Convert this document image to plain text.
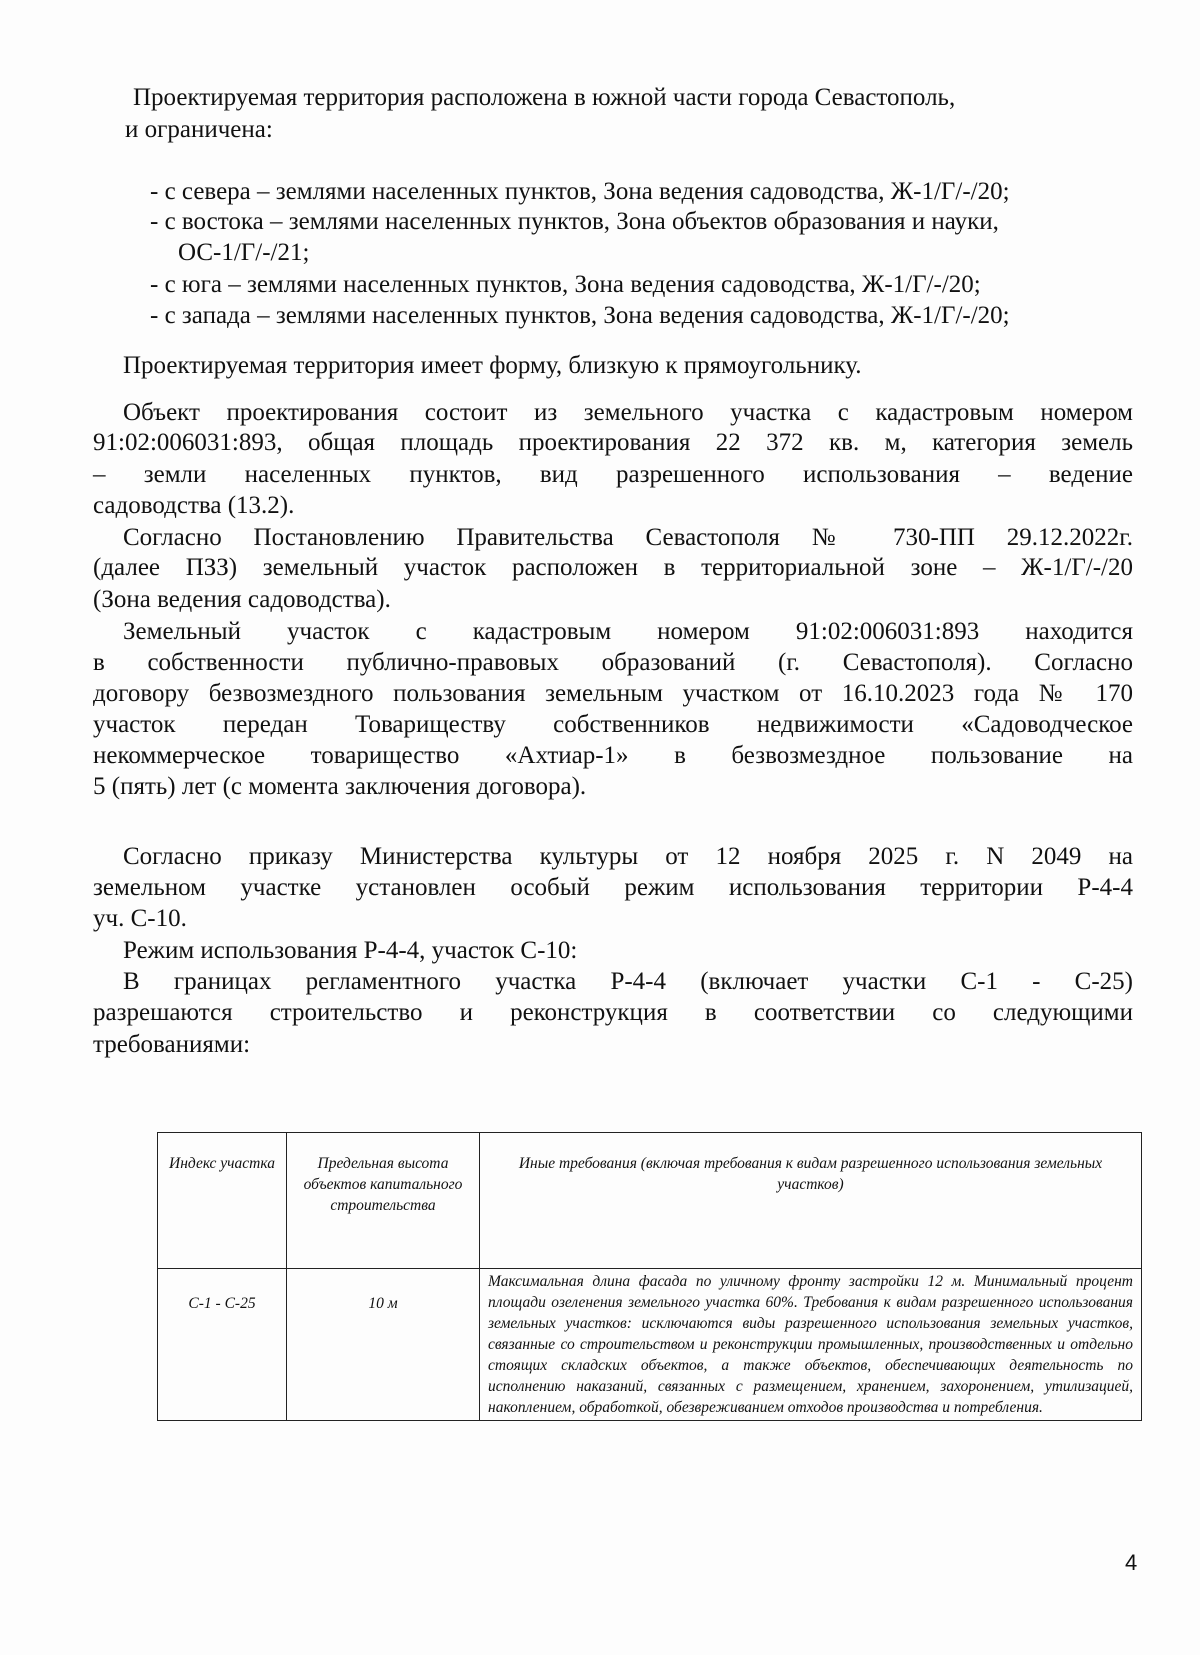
Проектируемая территория расположена в южной части города Севастополь,
и ограничена:
- с севера – землями населенных пунктов, Зона ведения садоводства, Ж-1/Г/-/20;
- с востока – землями населенных пунктов, Зона объектов образования и науки,
ОС-1/Г/-/21;
- с юга – землями населенных пунктов, Зона ведения садоводства, Ж-1/Г/-/20;
- с запада – землями населенных пунктов, Зона ведения садоводства, Ж-1/Г/-/20;
Проектируемая территория имеет форму, близкую к прямоугольнику.
Объект проектирования состоит из земельного участка с кадастровым номером
91:02:006031:893, общая площадь проектирования 22 372 кв. м, категория земель
– земли населенных пунктов, вид разрешенного использования – ведение
садоводства (13.2).
Согласно Постановлению Правительства Севастополя № 730-ПП 29.12.2022г.
(далее ПЗЗ) земельный участок расположен в территориальной зоне – Ж-1/Г/-/20
(Зона ведения садоводства).
Земельный участок с кадастровым номером 91:02:006031:893 находится
в собственности публично-правовых образований (г. Севастополя). Согласно
договору безвозмездного пользования земельным участком от 16.10.2023 года № 170
участок передан Товариществу собственников недвижимости «Садоводческое
некоммерческое товарищество «Ахтиар-1» в безвозмездное пользование на
5 (пять) лет (с момента заключения договора).
Согласно приказу Министерства культуры от 12 ноября 2025 г. N 2049 на
земельном участке установлен особый режим использования территории Р-4-4
уч. С-10.
Режим использования Р-4-4, участок С-10:
В границах регламентного участка Р-4-4 (включает участки С-1 - С-25)
разрешаются строительство и реконструкция в соответствии со следующими
требованиями:
Индекс участка	Предельная высота объектов капитального строительства	Иные требования (включая требования к видам разрешенного использования земельных участков)
С-1 - С-25	10 м	Максимальная длина фасада по уличному фронту застройки 12 м. Минимальный процент площади озеленения земельного участка 60%. Требования к видам разрешенного использования земельных участков: исключаются виды разрешенного использования земельных участков, связанные со строительством и реконструкции промышленных, производственных и отдельно стоящих складских объектов, а также объектов, обеспечивающих деятельность по исполнению наказаний, связанных с размещением, хранением, захоронением, утилизацией, накоплением, обработкой, обезвреживанием отходов производства и потребления.
4
